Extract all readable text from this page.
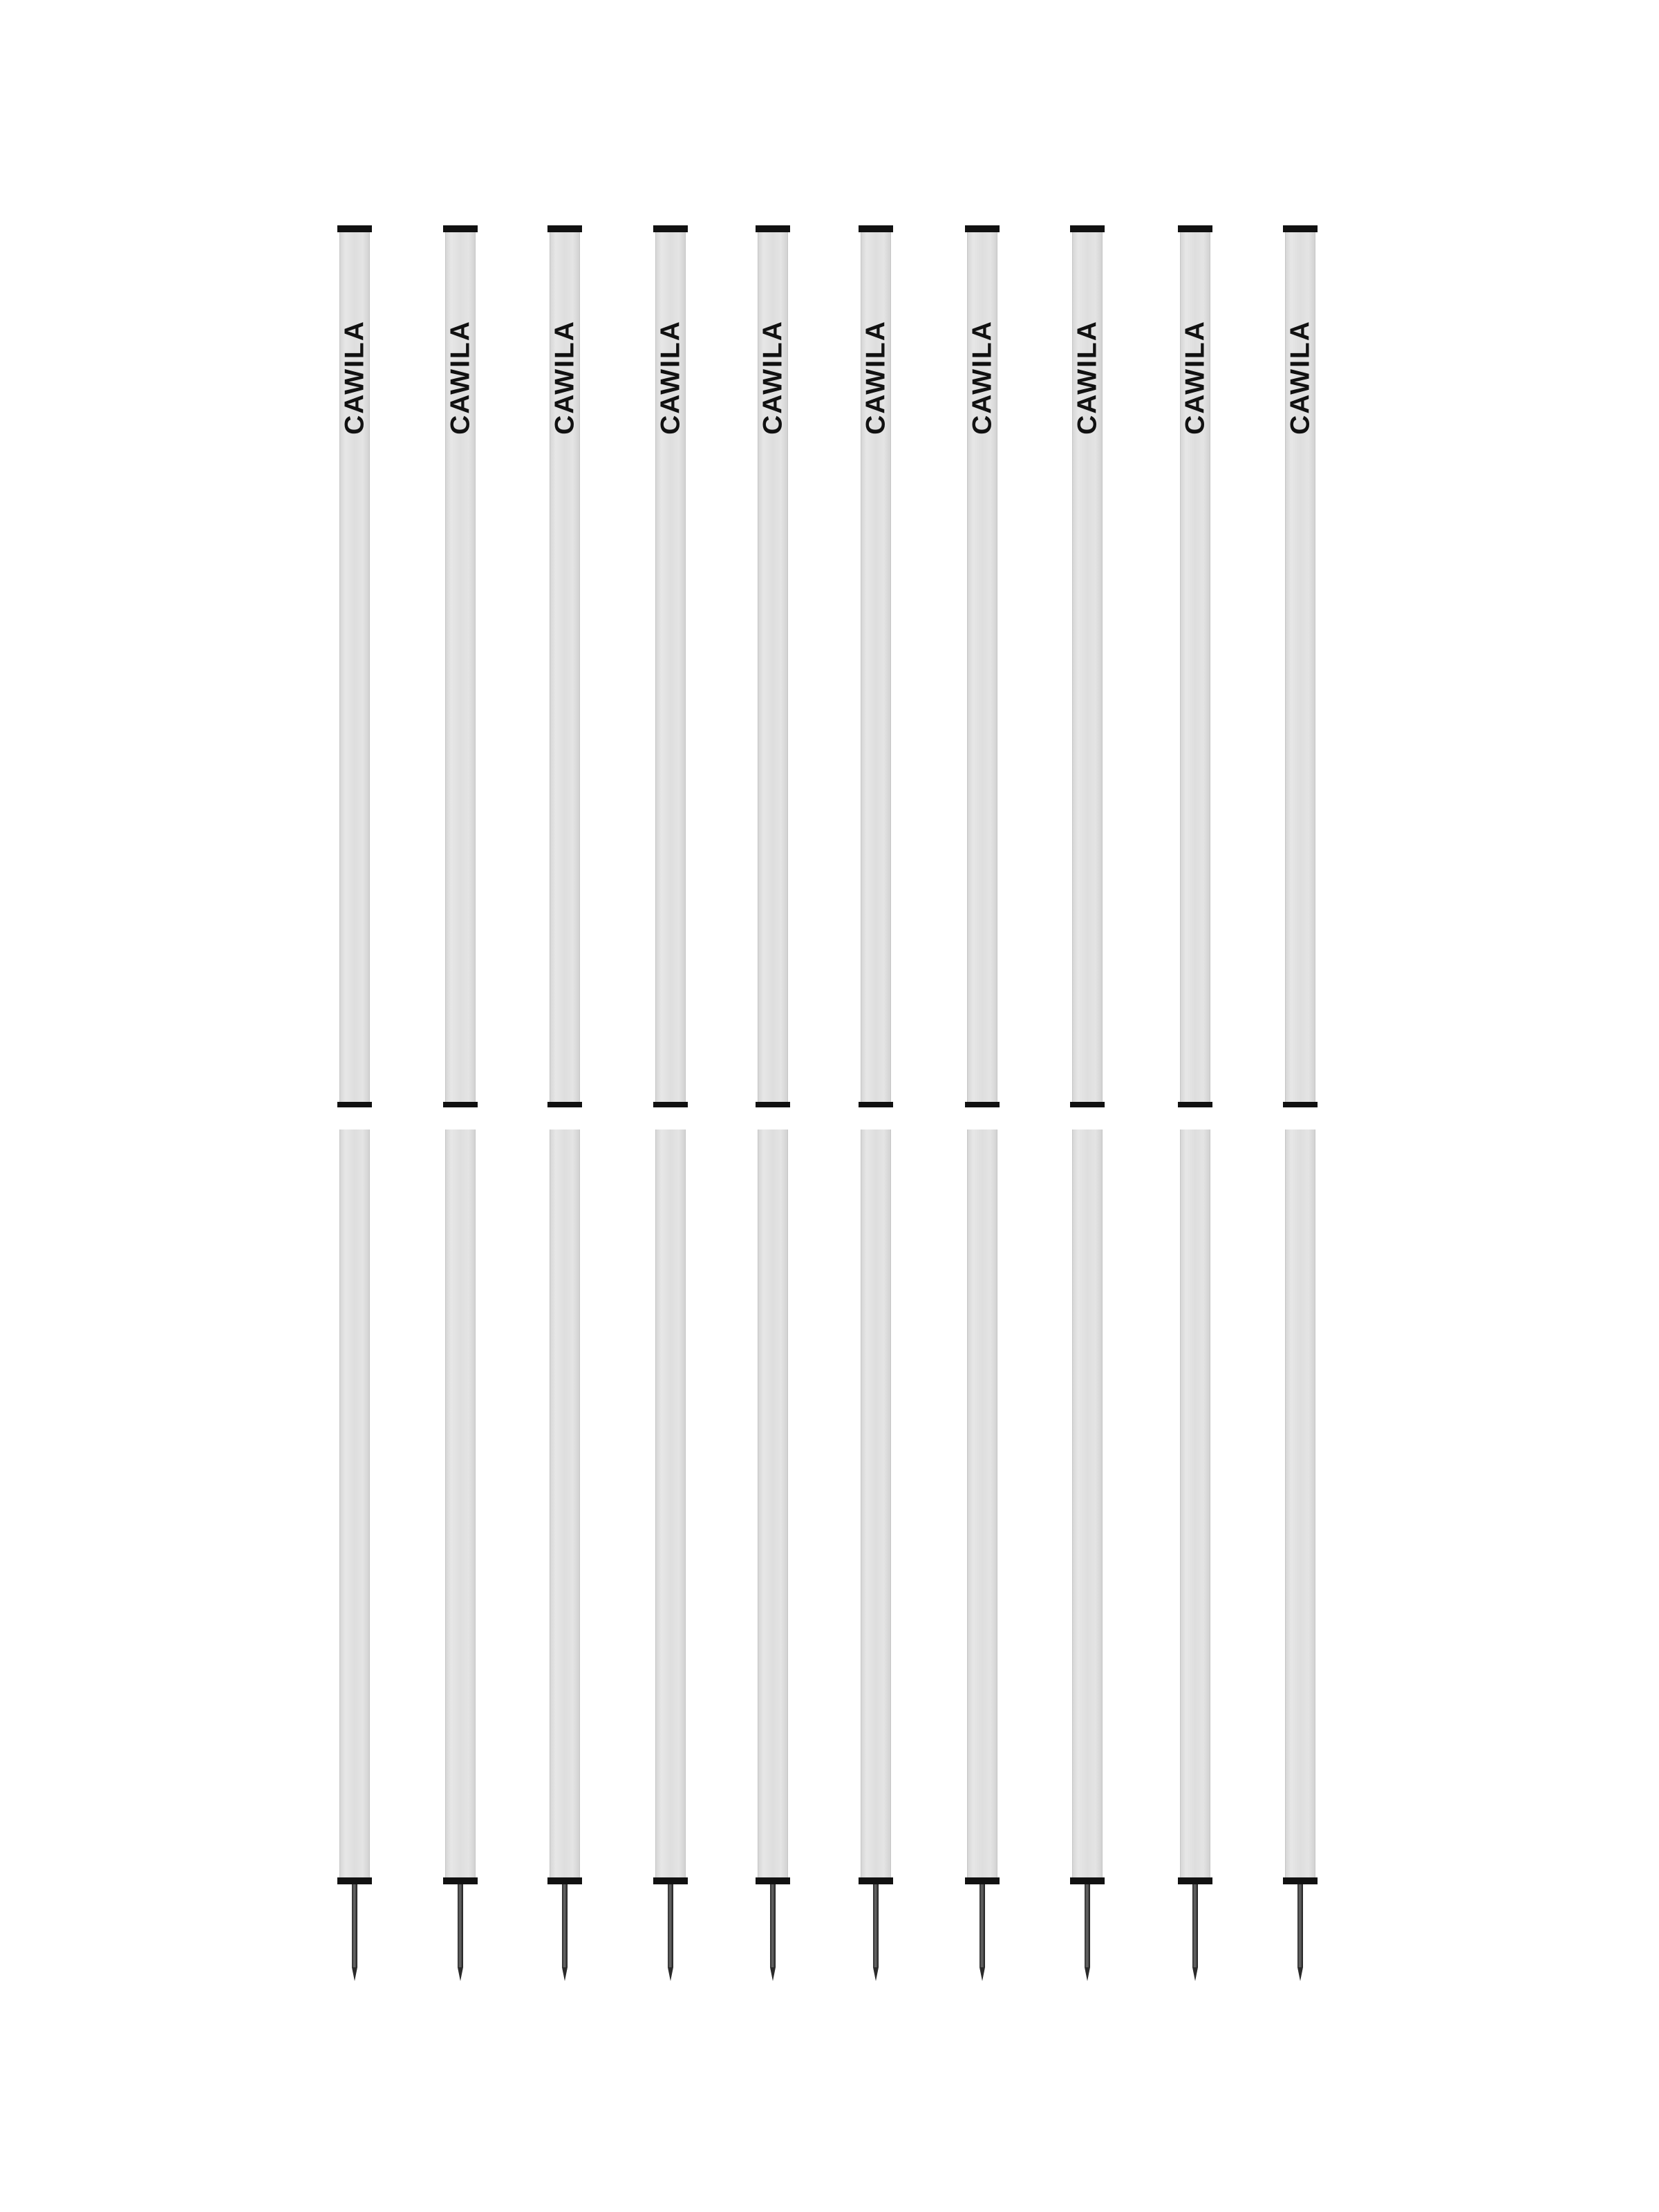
CAWILA	CAWILA	CAWILA	CAWILA	CAWILA	CAWILA	CAWILA	CAWILA	CAWILA	CAWILA
